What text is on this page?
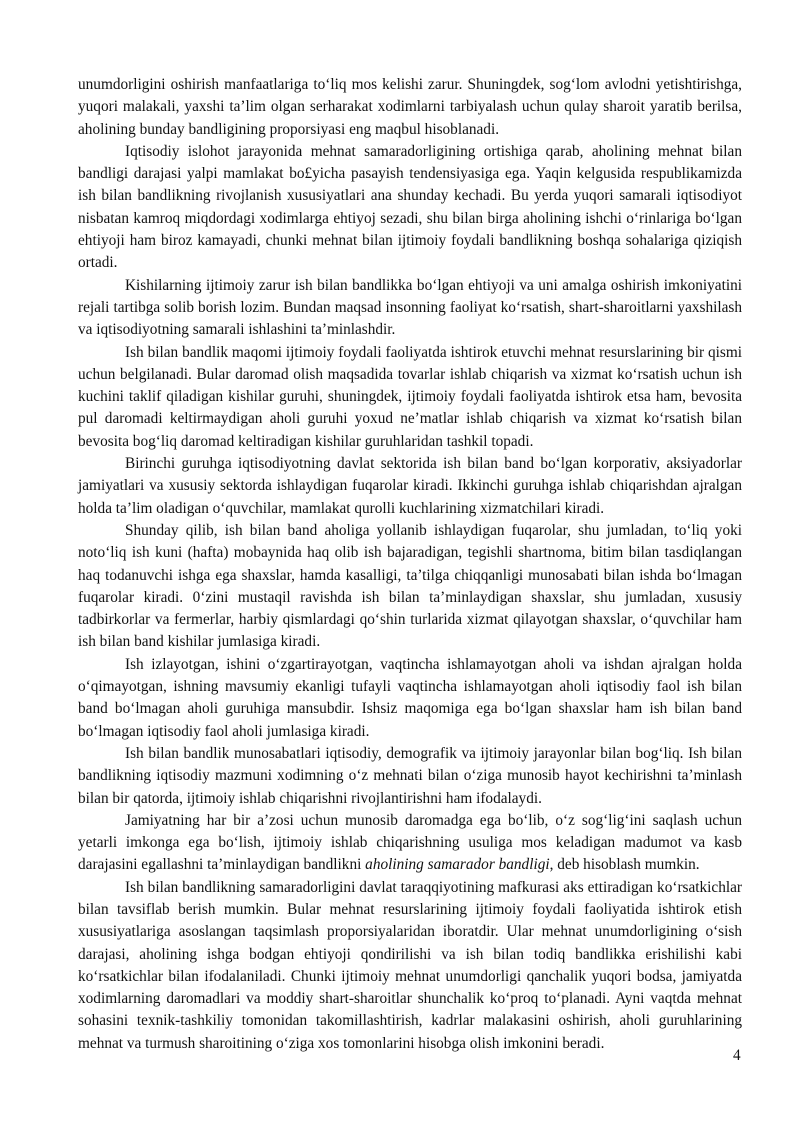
unumdorligini oshirish manfaatlariga to‘liq mos kelishi zarur. Shuningdek, sog‘lom avlodni yetishtirishga, yuqori malakali, yaxshi ta’lim olgan serharakat xodimlarni tarbiyalash uchun qulay sharoit yaratib berilsa, aholining bunday bandligining proporsiyasi eng maqbul hisoblanadi.

Iqtisodiy islohot jarayonida mehnat samaradorligining ortishiga qarab, aholining mehnat bilan bandligi darajasi yalpi mamlakat bo£yicha pasayish tendensiyasiga ega. Yaqin kelgusida respublikamizda ish bilan bandlikning rivojlanish xususiyatlari ana shunday kechadi. Bu yerda yuqori samarali iqtisodiyot nisbatan kamroq miqdordagi xodimlarga ehtiyoj sezadi, shu bilan birga aholining ishchi o‘rinlariga bo‘lgan ehtiyoji ham biroz kamayadi, chunki mehnat bilan ijtimoiy foydali bandlikning boshqa sohalariga qiziqish ortadi.

Kishilarning ijtimoiy zarur ish bilan bandlikka bo‘lgan ehtiyoji va uni amalga oshirish imkoniyatini rejali tartibga solib borish lozim. Bundan maqsad insonning faoliyat ko‘rsatish, shart-sharoitlarni yaxshilash va iqtisodiyotning samarali ishlashini ta’minlashdir.

Ish bilan bandlik maqomi ijtimoiy foydali faoliyatda ishtirok etuvchi mehnat resurslarining bir qismi uchun belgilanadi. Bular daromad olish maqsadida tovarlar ishlab chiqarish va xizmat ko‘rsatish uchun ish kuchini taklif qiladigan kishilar guruhi, shuningdek, ijtimoiy foydali faoliyatda ishtirok etsa ham, bevosita pul daromadi keltirmaydigan aholi guruhi yoxud ne’matlar ishlab chiqarish va xizmat ko‘rsatish bilan bevosita bog‘liq daromad keltiradigan kishilar guruhlaridan tashkil topadi.

Birinchi guruhga iqtisodiyotning davlat sektorida ish bilan band bo‘lgan korporativ, aksiyadorlar jamiyatlari va xususiy sektorda ishlaydigan fuqarolar kiradi. Ikkinchi guruhga ishlab chiqarishdan ajralgan holda ta’lim oladigan o‘quvchilar, mamlakat qurolli kuchlarining xizmatchilari kiradi.

Shunday qilib, ish bilan band aholiga yollanib ishlaydigan fuqarolar, shu jumladan, to‘liq yoki noto‘liq ish kuni (hafta) mobaynida haq olib ish bajaradigan, tegishli shartnoma, bitim bilan tasdiqlangan haq todanuvchi ishga ega shaxslar, hamda kasalligi, ta’tilga chiqqanligi munosabati bilan ishda bo‘lmagan fuqarolar kiradi. 0‘zini mustaqil ravishda ish bilan ta’minlaydigan shaxslar, shu jumladan, xususiy tadbirkorlar va fermerlar, harbiy qismlardagi qo‘shin turlarida xizmat qilayotgan shaxslar, o‘quvchilar ham ish bilan band kishilar jumlasiga kiradi.

Ish izlayotgan, ishini o‘zgartirayotgan, vaqtincha ishlamayotgan aholi va ishdan ajralgan holda o‘qimayotgan, ishning mavsumiy ekanligi tufayli vaqtincha ishlamayotgan aholi iqtisodiy faol ish bilan band bo‘lmagan aholi guruhiga mansubdir. Ishsiz maqomiga ega bo‘lgan shaxslar ham ish bilan band bo‘lmagan iqtisodiy faol aholi jumlasiga kiradi.

Ish bilan bandlik munosabatlari iqtisodiy, demografik va ijtimoiy jarayonlar bilan bog‘liq. Ish bilan bandlikning iqtisodiy mazmuni xodimning o‘z mehnati bilan o‘ziga munosib hayot kechirishni ta’minlash bilan bir qatorda, ijtimoiy ishlab chiqarishni rivojlantirishni ham ifodalaydi.

Jamiyatning har bir a’zosi uchun munosib daromadga ega bo‘lib, o‘z sog‘lig‘ini saqlash uchun yetarli imkonga ega bo‘lish, ijtimoiy ishlab chiqarishning usuliga mos keladigan madumot va kasb darajasini egallashni ta’minlaydigan bandlikni aholining samarador bandligi, deb hisoblash mumkin.

Ish bilan bandlikning samaradorligini davlat taraqqiyotining mafkurasi aks ettiradigan ko‘rsatkichlar bilan tavsiflab berish mumkin. Bular mehnat resurslarining ijtimoiy foydali faoliyatida ishtirok etish xususiyatlariga asoslangan taqsimlash proporsiyalaridan iboratdir. Ular mehnat unumdorligining o‘sish darajasi, aholining ishga bodgan ehtiyoji qondirilishi va ish bilan todiq bandlikka erishilishi kabi ko‘rsatkichlar bilan ifodalaniladi. Chunki ijtimoiy mehnat unumdorligi qanchalik yuqori bodsa, jamiyatda xodimlarning daromadlari va moddiy shart-sharoitlar shunchalik ko‘proq to‘planadi. Ayni vaqtda mehnat sohasini texnik-tashkiliy tomonidan takomillashtirish, kadrlar malakasini oshirish, aholi guruhlarining mehnat va turmush sharoitining o‘ziga xos tomonlarini hisobga olish imkonini beradi.

4
